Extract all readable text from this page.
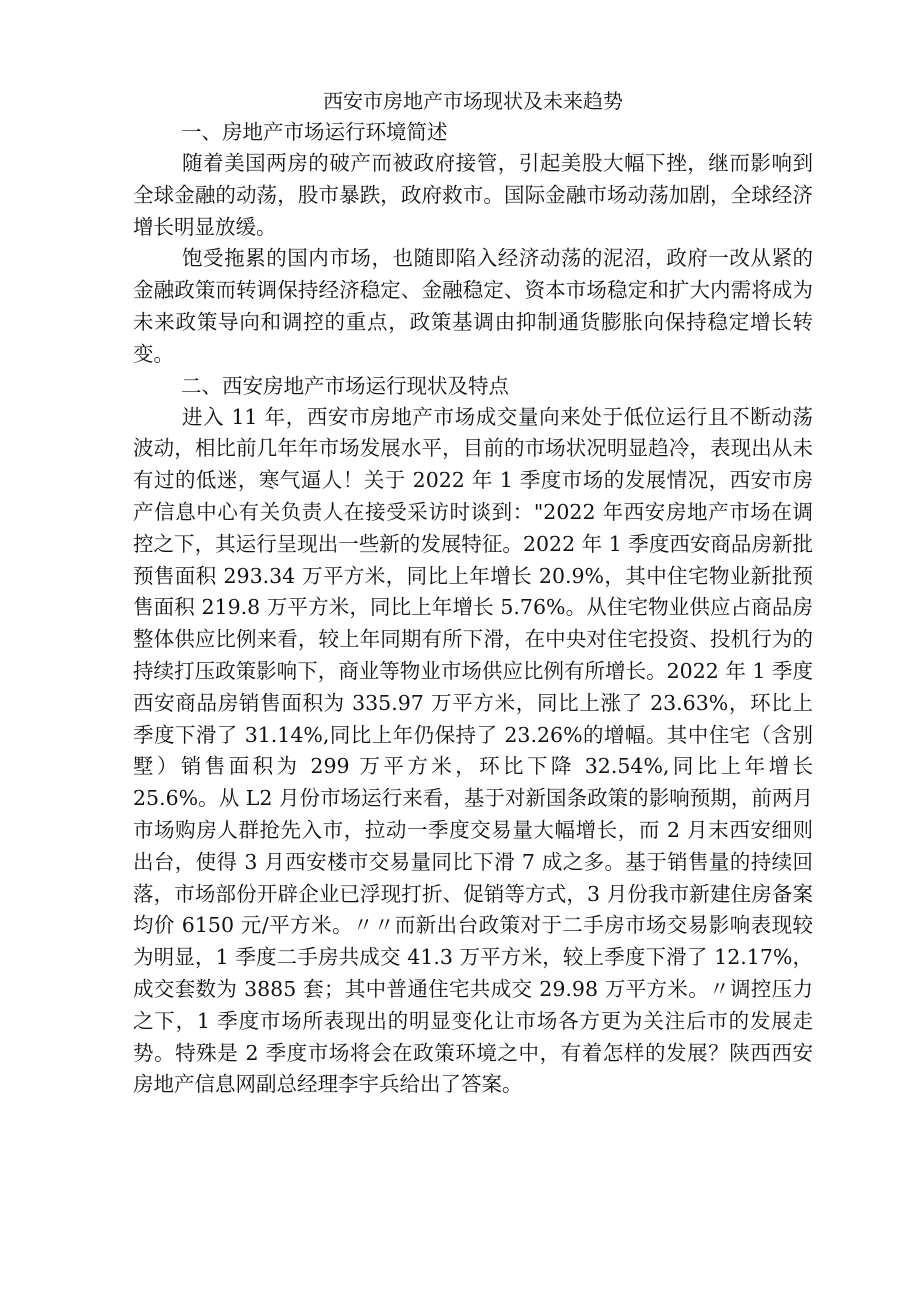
西安市房地产市场现状及未来趋势
一、房地产市场运行环境简述

随着美国两房的破产而被政府接管，引起美股大幅下挫，继而影响到全球金融的动荡，股市暴跌，政府救市。国际金融市场动荡加剧，全球经济增长明显放缓。

饱受拖累的国内市场，也随即陷入经济动荡的泥沼，政府一改从紧的金融政策而转调保持经济稳定、金融稳定、资本市场稳定和扩大内需将成为未来政策导向和调控的重点，政策基调由抑制通货膨胀向保持稳定增长转变。

二、西安房地产市场运行现状及特点

进入 11 年，西安市房地产市场成交量向来处于低位运行且不断动荡波动，相比前几年年市场发展水平，目前的市场状况明显趋冷，表现出从未有过的低迷，寒气逼人！关于 2022 年 1 季度市场的发展情况，西安市房产信息中心有关负责人在接受采访时谈到："2022 年西安房地产市场在调控之下，其运行呈现出一些新的发展特征。2022 年 1 季度西安商品房新批预售面积 293.34 万平方米，同比上年增长 20.9%，其中住宅物业新批预售面积 219.8 万平方米，同比上年增长 5.76%。从住宅物业供应占商品房整体供应比例来看，较上年同期有所下滑，在中央对住宅投资、投机行为的持续打压政策影响下，商业等物业市场供应比例有所增长。2022 年 1 季度西安商品房销售面积为 335.97 万平方米，同比上涨了 23.63%，环比上季度下滑了 31.14%,同比上年仍保持了 23.26%的增幅。其中住宅（含别墅）销售面积为 299 万平方米，环比下降 32.54%,同比上年增长 25.6%。从 L2 月份市场运行来看，基于对新国条政策的影响预期，前两月市场购房人群抢先入市，拉动一季度交易量大幅增长，而 2 月末西安细则出台，使得 3 月西安楼市交易量同比下滑 7 成之多。基于销售量的持续回落，市场部份开辟企业已浮现打折、促销等方式，3 月份我市新建住房备案均价 6150 元/平方米。〃〃而新出台政策对于二手房市场交易影响表现较为明显，1 季度二手房共成交 41.3 万平方米，较上季度下滑了 12.17%，成交套数为 3885 套；其中普通住宅共成交 29.98 万平方米。〃调控压力之下，1 季度市场所表现出的明显变化让市场各方更为关注后市的发展走势。特殊是 2 季度市场将会在政策环境之中，有着怎样的发展？陕西西安房地产信息网副总经理李宇兵给出了答案。
